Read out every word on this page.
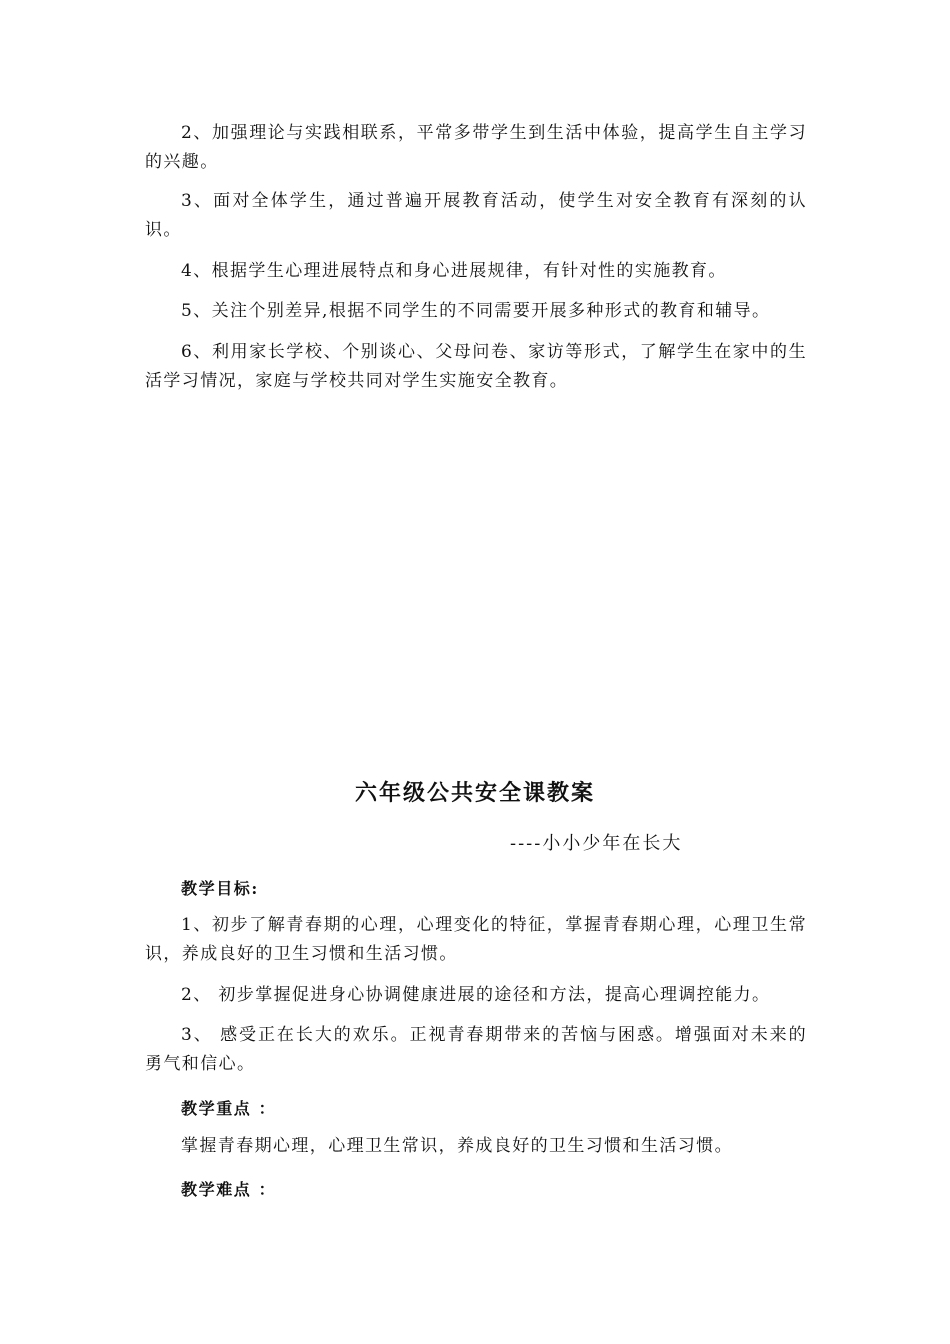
2、加强理论与实践相联系，平常多带学生到生活中体验，提高学生自主学习的兴趣。

3、面对全体学生，通过普遍开展教育活动，使学生对安全教育有深刻的认识。

4、根据学生心理进展特点和身心进展规律，有针对性的实施教育。

5、关注个别差异,根据不同学生的不同需要开展多种形式的教育和辅导。

6、利用家长学校、个别谈心、父母问卷、家访等形式，了解学生在家中的生活学习情况，家庭与学校共同对学生实施安全教育。

六年级公共安全课教案
----小小少年在长大
教学目标:

1、初步了解青春期的心理，心理变化的特征，掌握青春期心理，心理卫生常识，养成良好的卫生习惯和生活习惯。

2、 初步掌握促进身心协调健康进展的途径和方法，提高心理调控能力。

3、 感受正在长大的欢乐。正视青春期带来的苦恼与困惑。增强面对未来的勇气和信心。

教学重点 ：

掌握青春期心理，心理卫生常识，养成良好的卫生习惯和生活习惯。

教学难点 ：
